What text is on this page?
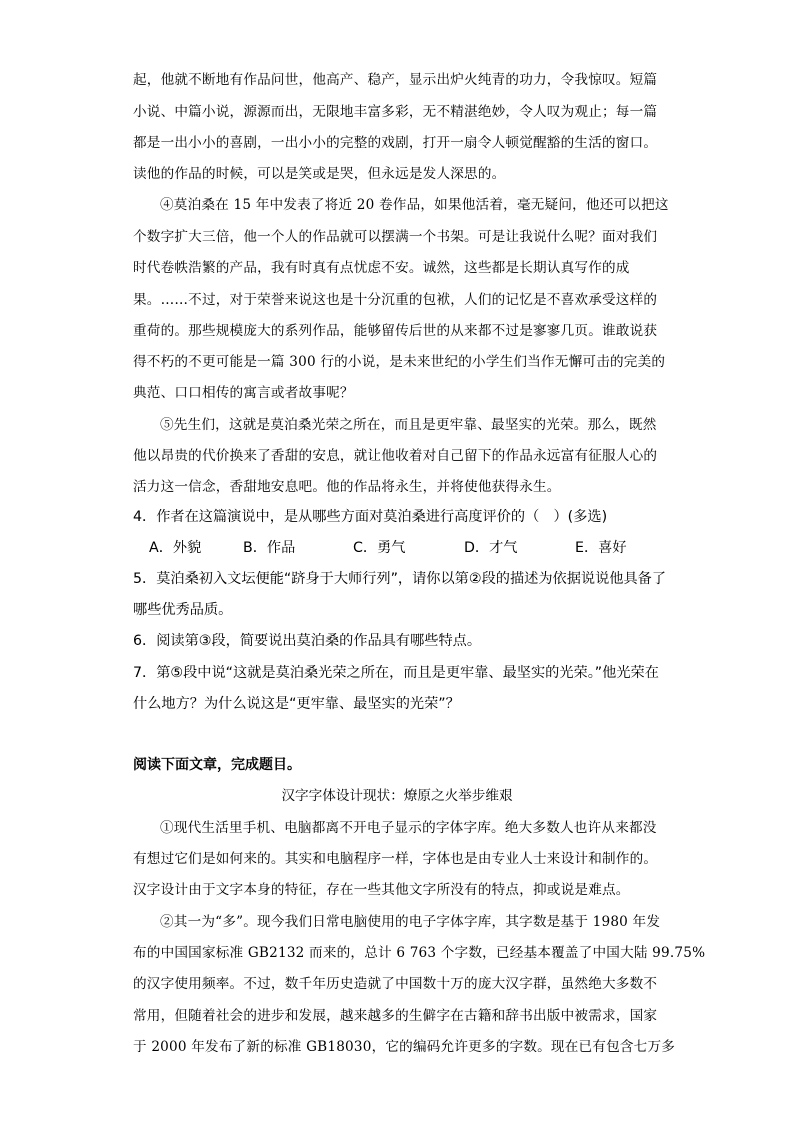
起，他就不断地有作品问世，他高产、稳产，显示出炉火纯青的功力，令我惊叹。短篇
小说、中篇小说，源源而出，无限地丰富多彩，无不精湛绝妙，令人叹为观止；每一篇
都是一出小小的喜剧，一出小小的完整的戏剧，打开一扇令人顿觉醒豁的生活的窗口。
读他的作品的时候，可以是笑或是哭，但永远是发人深思的。
④莫泊桑在 15 年中发表了将近 20 卷作品，如果他活着，毫无疑问，他还可以把这
个数字扩大三倍，他一个人的作品就可以摆满一个书架。可是让我说什么呢？面对我们
时代卷帙浩繁的产品，我有时真有点忧虑不安。诚然，这些都是长期认真写作的成
果。……不过，对于荣誉来说这也是十分沉重的包袱，人们的记忆是不喜欢承受这样的
重荷的。那些规模庞大的系列作品，能够留传后世的从来都不过是寥寥几页。谁敢说获
得不朽的不更可能是一篇 300 行的小说，是未来世纪的小学生们当作无懈可击的完美的
典范、口口相传的寓言或者故事呢？
⑤先生们，这就是莫泊桑光荣之所在，而且是更牢靠、最坚实的光荣。那么，既然
他以昂贵的代价换来了香甜的安息，就让他收着对自己留下的作品永远富有征服人心的
活力这一信念，香甜地安息吧。他的作品将永生，并将使他获得永生。
4．作者在这篇演说中，是从哪些方面对莫泊桑进行高度评价的（　）(多选)
A．外貌	B．作品	C．勇气	D．才气	E．喜好
5．莫泊桑初入文坛便能“跻身于大师行列”，请你以第②段的描述为依据说说他具备了
哪些优秀品质。
6．阅读第③段，简要说出莫泊桑的作品具有哪些特点。
7．第⑤段中说“这就是莫泊桑光荣之所在，而且是更牢靠、最坚实的光荣。”他光荣在
什么地方？为什么说这是“更牢靠、最坚实的光荣”？
阅读下面文章，完成题目。
汉字字体设计现状：燎原之火举步维艰
①现代生活里手机、电脑都离不开电子显示的字体字库。绝大多数人也许从来都没
有想过它们是如何来的。其实和电脑程序一样，字体也是由专业人士来设计和制作的。
汉字设计由于文字本身的特征，存在一些其他文字所没有的特点，抑或说是难点。
②其一为“多”。现今我们日常电脑使用的电子字体字库，其字数是基于 1980 年发
布的中国国家标准 GB2132 而来的，总计 6 763 个字数，已经基本覆盖了中国大陆 99.75%
的汉字使用频率。不过，数千年历史造就了中国数十万的庞大汉字群，虽然绝大多数不
常用，但随着社会的进步和发展，越来越多的生僻字在古籍和辞书出版中被需求，国家
于 2000 年发布了新的标准 GB18030，它的编码允许更多的字数。现在已有包含七万多
